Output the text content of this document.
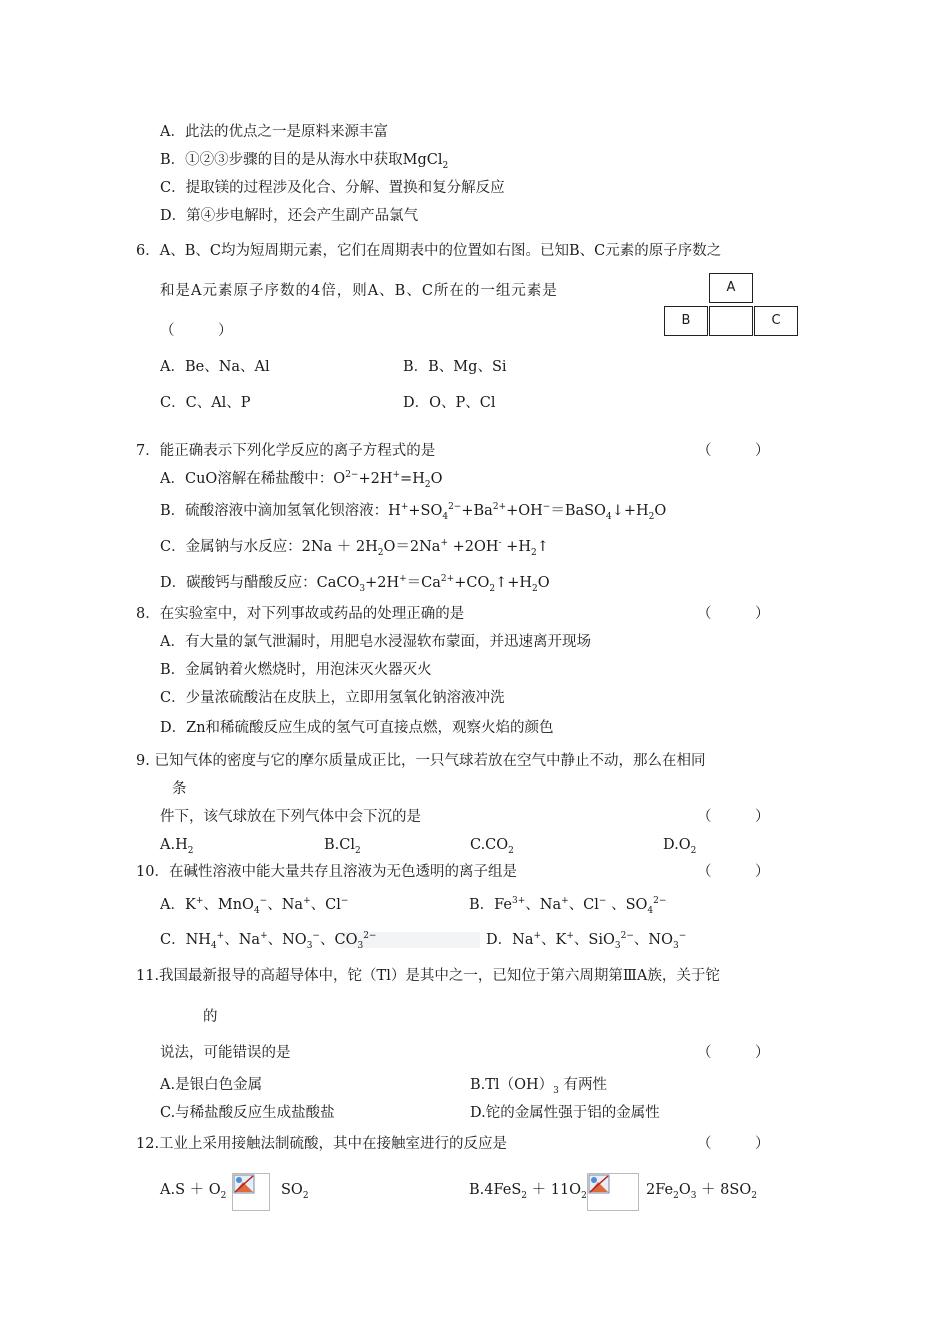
A．此法的优点之一是原料来源丰富
B．①②③步骤的目的是从海水中获取MgCl$_2$
C．提取镁的过程涉及化合、分解、置换和复分解反应
D．第④步电解时，还会产生副产品氯气
6．A、B、C均为短周期元素，它们在周期表中的位置如右图。已知B、C元素的原子序数之
和是A元素原子序数的4倍，则A、B、C所在的一组元素是
（　　　）
A
B	C
A．Be、Na、Al	B．B、Mg、Si
C．C、Al、P	D．O、P、Cl
7．能正确表示下列化学反应的离子方程式的是	（　　　）
A．CuO溶解在稀盐酸中：$O^{2-}+2H^+=H_2O$
B．硫酸溶液中滴加氢氧化钡溶液：$H^++SO_4^{2-}+Ba^{2+}+OH^-=BaSO_4↓+H_2O$
C．金属钠与水反应：$2Na + 2H_2O=2Na^+ +2OH^-$ $+H_2↑$
D．碳酸钙与醋酸反应：$CaCO_3+2H^+=Ca^{2+}+CO_2↑+H_2O$
8．在实验室中，对下列事故或药品的处理正确的是	（　　　）
A．有大量的氯气泄漏时，用肥皂水浸湿软布蒙面，并迅速离开现场
B．金属钠着火燃烧时，用泡沫灭火器灭火
C．少量浓硫酸沾在皮肤上，立即用氢氧化钠溶液冲洗
D．Zn和稀硫酸反应生成的氢气可直接点燃，观察火焰的颜色
9. 已知气体的密度与它的摩尔质量成正比，一只气球若放在空气中静止不动，那么在相同
条
件下，该气球放在下列气体中会下沉的是	（　　　）
$A.H_2$	$B.Cl_2$	$C.CO_2$	$D.O_2$
10．在碱性溶液中能大量共存且溶液为无色透明的离子组是	（　　　）
A．K+、MnO$_4$−、Na+、Cl−	B．$Fe^{3+}$、Na+、Cl− 、$SO_4^{2-}$
C．$NH_4^+$、Na+、$NO_3^-$、$CO_3^{2-}$	D．Na+、K+、SiO$_3^{2-}$、$NO_3^-$
11.我国最新报导的高超导体中，铊（Tl）是其中之一，已知位于第六周期第ⅢA族，关于铊
的
说法，可能错误的是	（　　　）
A.是银白色金属	$B.Tl(OH)_3$ 有两性
C.与稀盐酸反应生成盐酸盐	D.铊的金属性强于铝的金属性
12.工业上采用接触法制硫酸，其中在接触室进行的反应是	（　　　）
$A.S + O_2$	$SO_2$	$B.4FeS_2 + 11O_2$	$2Fe_2O_3 + 8SO_2$
